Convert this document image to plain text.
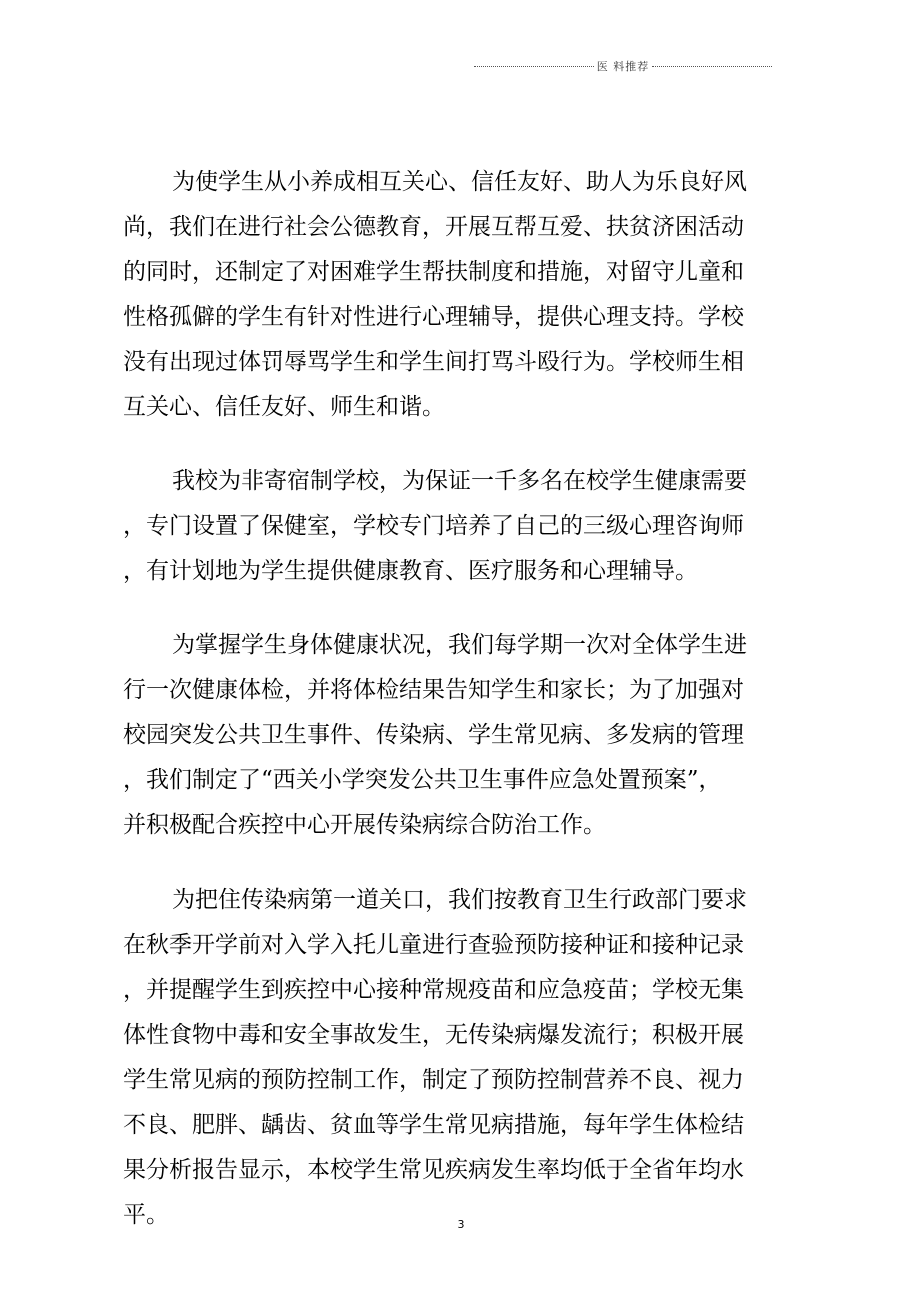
医 料推荐
为使学生从小养成相互关心、信任友好、助人为乐良好风
尚，我们在进行社会公德教育，开展互帮互爱、扶贫济困活动
的同时，还制定了对困难学生帮扶制度和措施，对留守儿童和
性格孤僻的学生有针对性进行心理辅导，提供心理支持。学校
没有出现过体罚辱骂学生和学生间打骂斗殴行为。学校师生相
互关心、信任友好、师生和谐。
我校为非寄宿制学校，为保证一千多名在校学生健康需要
，专门设置了保健室，学校专门培养了自己的三级心理咨询师
，有计划地为学生提供健康教育、医疗服务和心理辅导。
为掌握学生身体健康状况，我们每学期一次对全体学生进
行一次健康体检，并将体检结果告知学生和家长；为了加强对
校园突发公共卫生事件、传染病、学生常见病、多发病的管理
，我们制定了“西关小学突发公共卫生事件应急处置预案”，
并积极配合疾控中心开展传染病综合防治工作。
为把住传染病第一道关口，我们按教育卫生行政部门要求
在秋季开学前对入学入托儿童进行查验预防接种证和接种记录
，并提醒学生到疾控中心接种常规疫苗和应急疫苗；学校无集
体性食物中毒和安全事故发生，无传染病爆发流行；积极开展
学生常见病的预防控制工作，制定了预防控制营养不良、视力
不良、肥胖、龋齿、贫血等学生常见病措施，每年学生体检结
果分析报告显示，本校学生常见疾病发生率均低于全省年均水
平。	3
